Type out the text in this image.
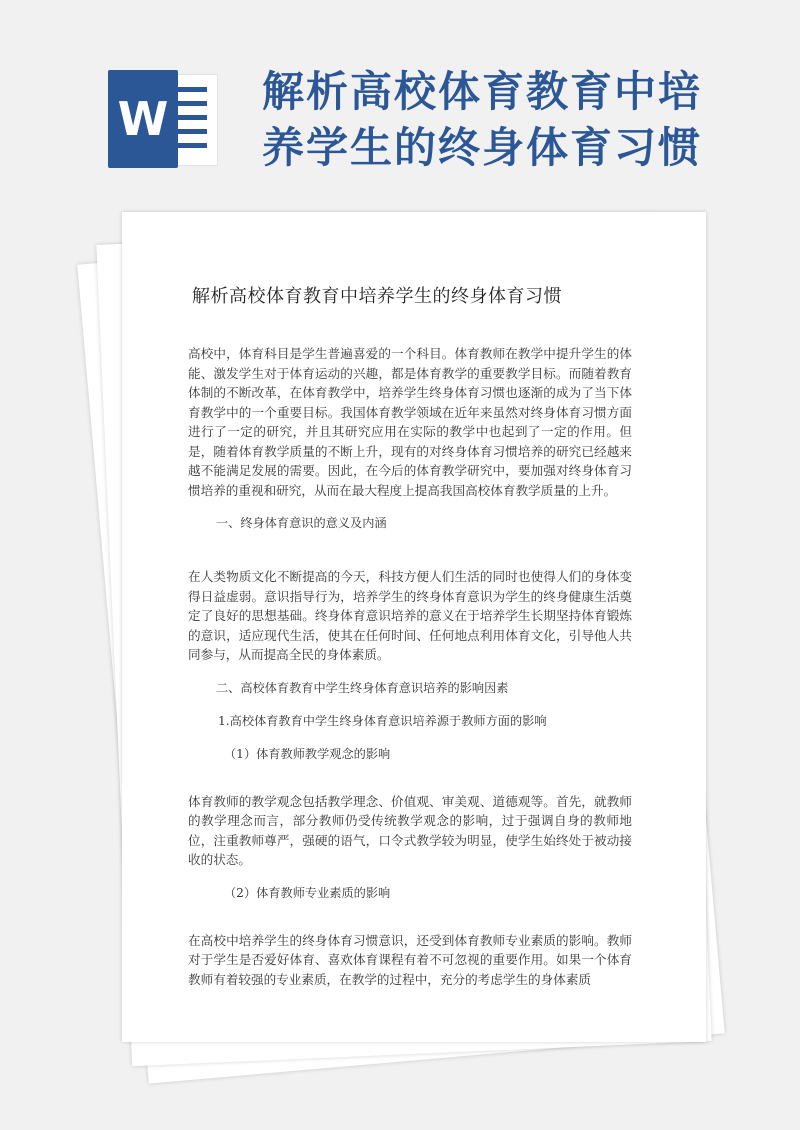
W
解析高校体育教育中培
养学生的终身体育习惯
解析高校体育教育中培养学生的终身体育习惯

高校中，体育科目是学生普遍喜爱的一个科目。体育教师在教学中提升学生的体能、激发学生对于体育运动的兴趣，都是体育教学的重要教学目标。而随着教育体制的不断改革，在体育教学中，培养学生终身体育习惯也逐渐的成为了当下体育教学中的一个重要目标。我国体育教学领域在近年来虽然对终身体育习惯方面进行了一定的研究，并且其研究应用在实际的教学中也起到了一定的作用。但是，随着体育教学质量的不断上升，现有的对终身体育习惯培养的研究已经越来越不能满足发展的需要。因此，在今后的体育教学研究中，要加强对终身体育习惯培养的重视和研究，从而在最大程度上提高我国高校体育教学质量的上升。

一、终身体育意识的意义及内涵

在人类物质文化不断提高的今天，科技方便人们生活的同时也使得人们的身体变得日益虚弱。意识指导行为，培养学生的终身体育意识为学生的终身健康生活奠定了良好的思想基础。终身体育意识培养的意义在于培养学生长期坚持体育锻炼的意识，适应现代生活，使其在任何时间、任何地点利用体育文化，引导他人共同参与，从而提高全民的身体素质。

二、高校体育教育中学生终身体育意识培养的影响因素

1.高校体育教育中学生终身体育意识培养源于教师方面的影响

（1）体育教师教学观念的影响

体育教师的教学观念包括教学理念、价值观、审美观、道德观等。首先，就教师的教学理念而言，部分教师仍受传统教学观念的影响，过于强调自身的教师地位，注重教师尊严，强硬的语气，口令式教学较为明显，使学生始终处于被动接收的状态。

（2）体育教师专业素质的影响

在高校中培养学生的终身体育习惯意识，还受到体育教师专业素质的影响。教师对于学生是否爱好体育、喜欢体育课程有着不可忽视的重要作用。如果一个体育教师有着较强的专业素质，在教学的过程中，充分的考虑学生的身体素质
